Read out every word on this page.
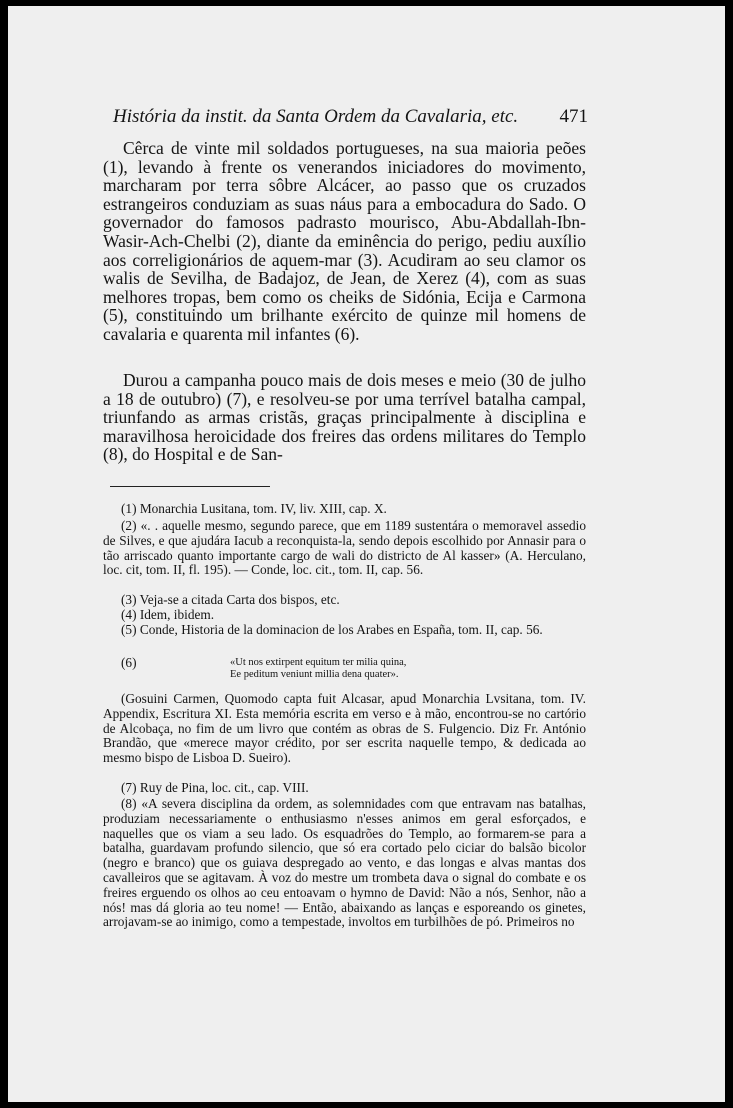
História da instit. da Santa Ordem da Cavalaria, etc. 471

Cêrca de vinte mil soldados portugueses, na sua maioria peões (1), levando à frente os venerandos iniciadores do movimento, marcharam por terra sôbre Alcácer, ao passo que os cruzados estrangeiros conduziam as suas náus para a embocadura do Sado. O governador do famosos padrasto mourisco, Abu-Abdallah-Ibn-Wasir-Ach-Chelbi (2), diante da eminência do perigo, pediu auxílio aos correligionários de aquem-mar (3). Acudiram ao seu clamor os walis de Sevilha, de Badajoz, de Jean, de Xerez (4), com as suas melhores tropas, bem como os cheiks de Sidónia, Ecija e Carmona (5), constituindo um brilhante exército de quinze mil homens de cavalaria e quarenta mil infantes (6).

Durou a campanha pouco mais de dois meses e meio (30 de julho a 18 de outubro) (7), e resolveu-se por uma terrível batalha campal, triunfando as armas cristãs, graças principalmente à disciplina e maravilhosa heroicidade dos freires das ordens militares do Templo (8), do Hospital e de San-

(1) Monarchia Lusitana, tom. IV, liv. XIII, cap. X.

(2) «. . aquelle mesmo, segundo parece, que em 1189 sustentára o memoravel assedio de Silves, e que ajudára Iacub a reconquista-la, sendo depois escolhido por Annasir para o tão arriscado quanto importante cargo de wali do districto de Al kasser» (A. Herculano, loc. cit, tom. II, fl. 195). — Conde, loc. cit., tom. II, cap. 56.

(3) Veja-se a citada Carta dos bispos, etc.

(4) Idem, ibidem.

(5) Conde, Historia de la dominacion de los Arabes en España, tom. II, cap. 56.

(6)	«Ut nos extirpent equitum ter milia quina,
Ee peditum veniunt millia dena quater».

(Gosuini Carmen, Quomodo capta fuit Alcasar, apud Monarchia Lvsitana, tom. IV. Appendix, Escritura XI. Esta memória escrita em verso e à mão, encontrou-se no cartório de Alcobaça, no fim de um livro que contém as obras de S. Fulgencio. Diz Fr. António Brandão, que «merece mayor crédito, por ser escrita naquelle tempo, & dedicada ao mesmo bispo de Lisboa D. Sueiro).

(7) Ruy de Pina, loc. cit., cap. VIII.

(8) «A severa disciplina da ordem, as solemnidades com que entravam nas batalhas, produziam necessariamente o enthusiasmo n'esses animos em geral esforçados, e naquelles que os viam a seu lado. Os esquadrões do Templo, ao formarem-se para a batalha, guardavam profundo silencio, que só era cortado pelo ciciar do balsão bicolor (negro e branco) que os guiava despregado ao vento, e das longas e alvas mantas dos cavalleiros que se agitavam. À voz do mestre um trombeta dava o signal do combate e os freires erguendo os olhos ao ceu entoavam o hymno de David: Não a nós, Senhor, não a nós! mas dá gloria ao teu nome! — Então, abaixando as lanças e esporeando os ginetes, arrojavam-se ao inimigo, como a tempestade, involtos em turbilhões de pó. Primeiros no
